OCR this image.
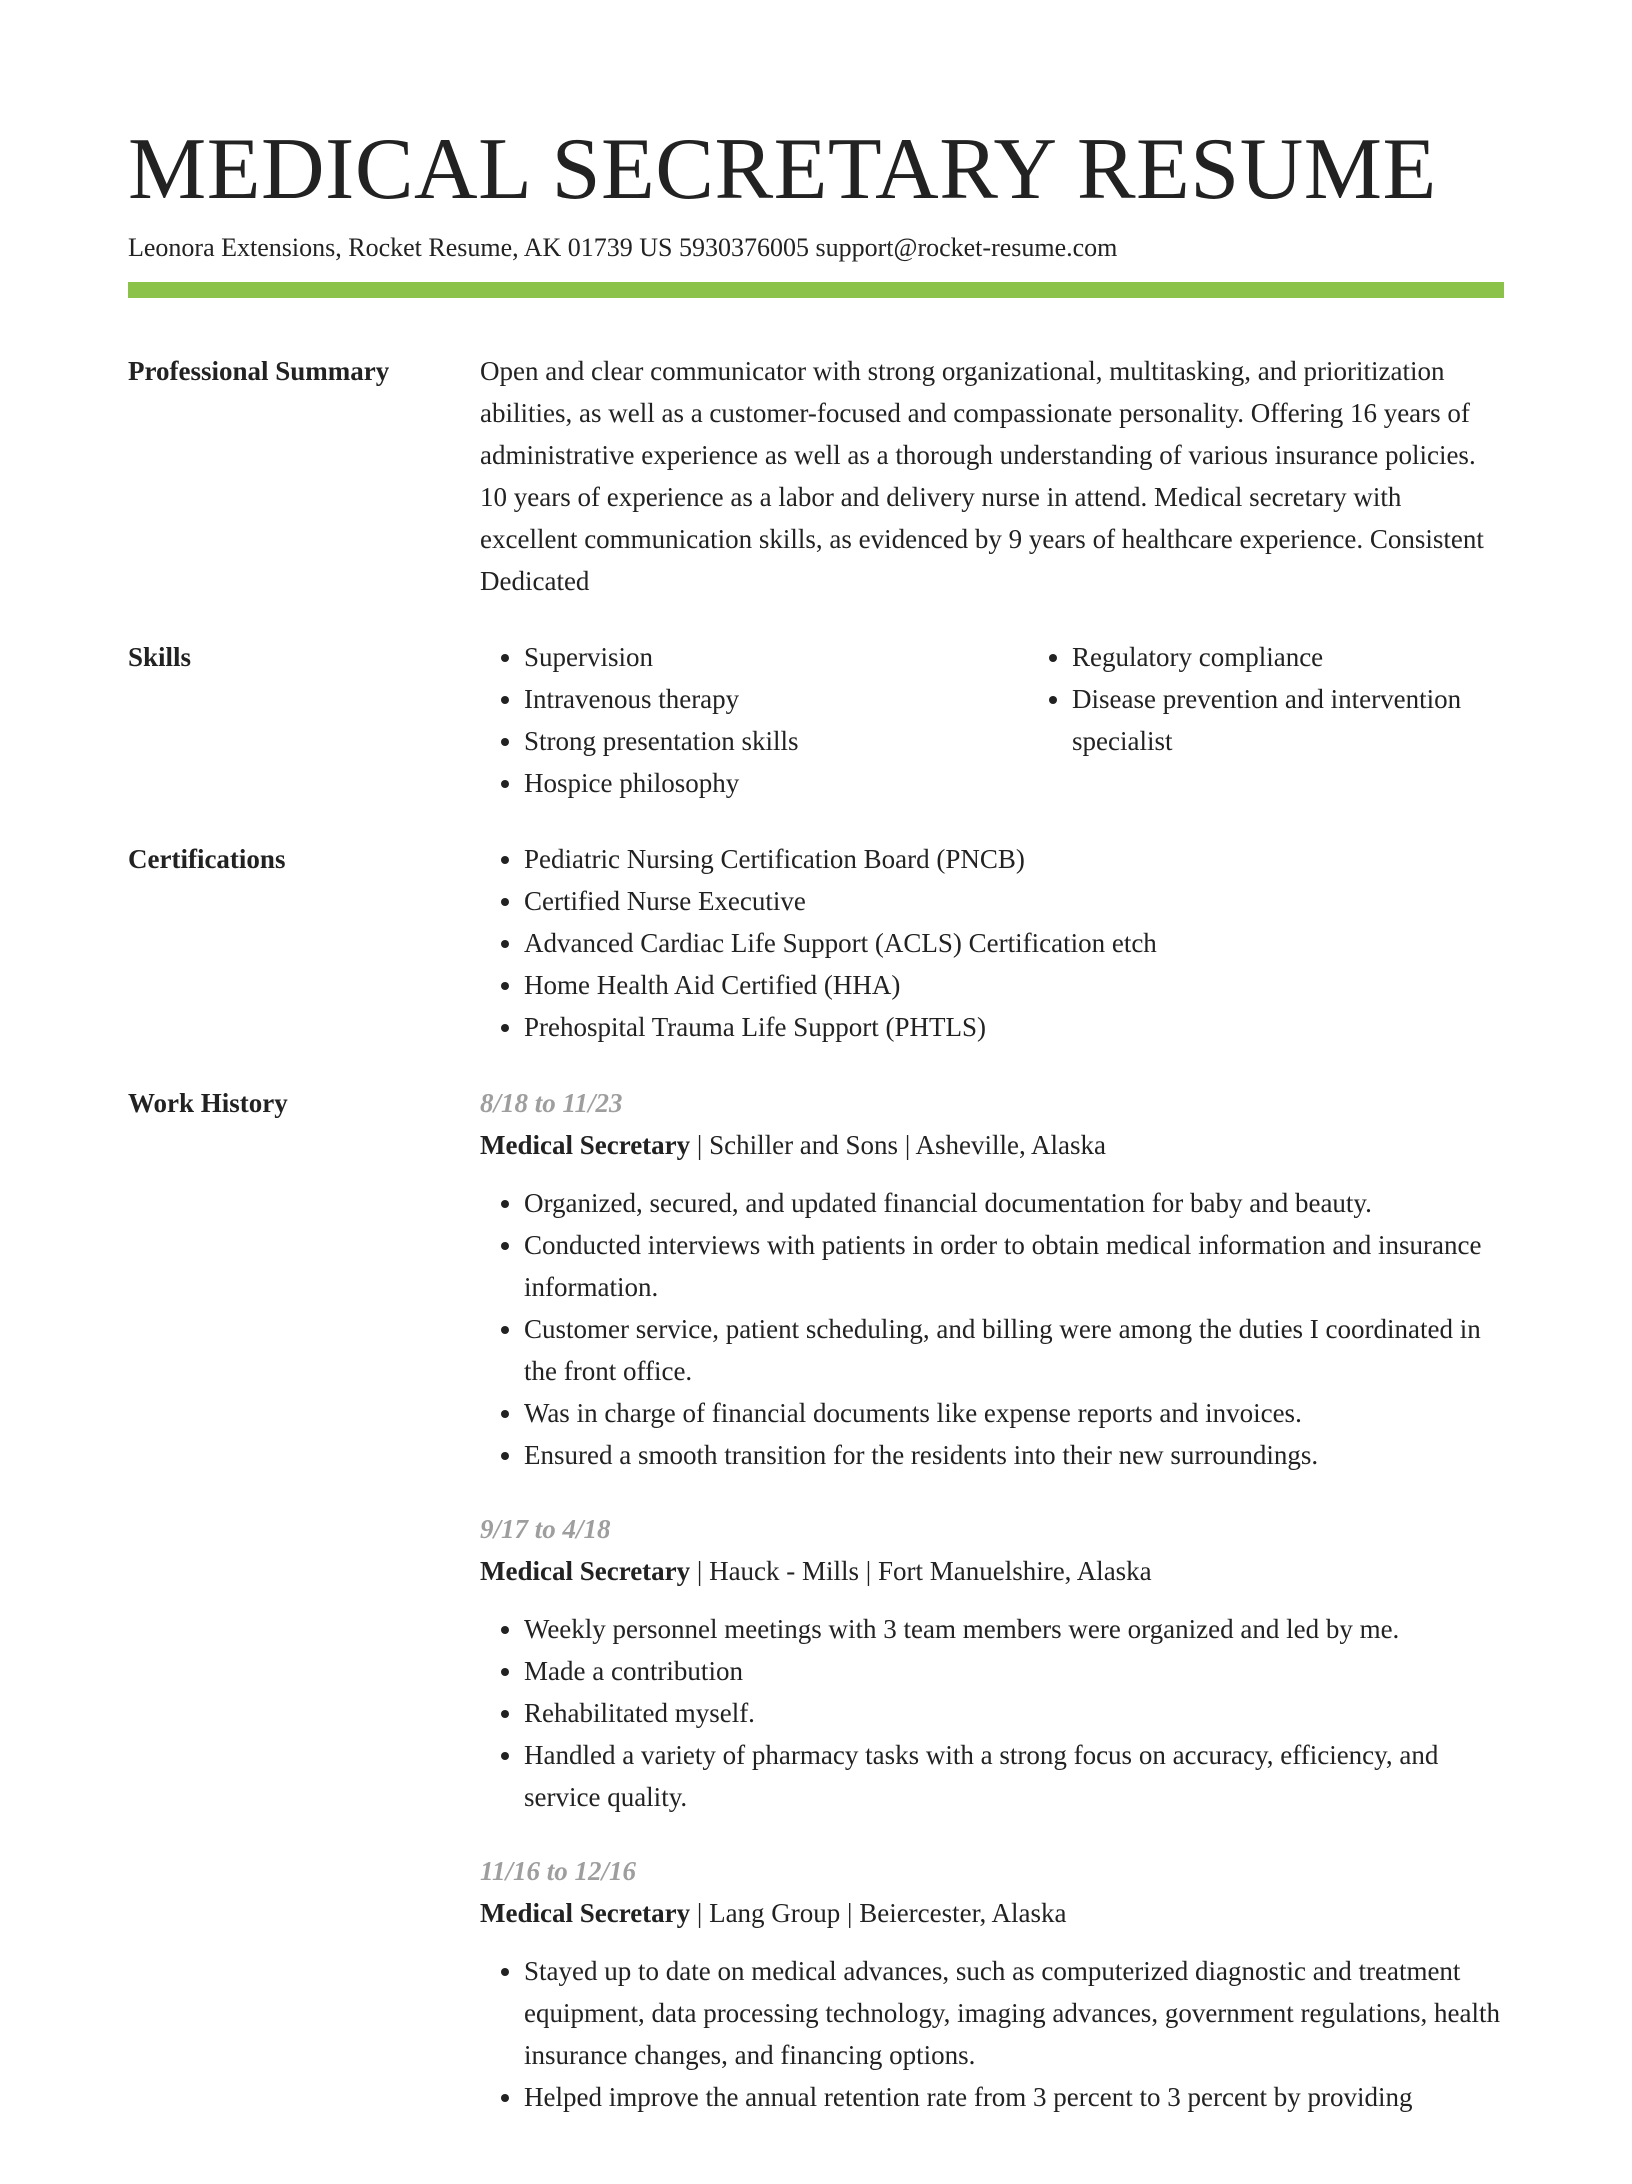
MEDICAL SECRETARY RESUME
Leonora Extensions, Rocket Resume, AK 01739 US 5930376005 support@rocket-resume.com
Professional Summary	Open and clear communicator with strong organizational, multitasking, and prioritization abilities, as well as a customer-focused and compassionate personality. Offering 16 years of administrative experience as well as a thorough understanding of various insurance policies. 10 years of experience as a labor and delivery nurse in attend. Medical secretary with excellent communication skills, as evidenced by 9 years of healthcare experience. Consistent Dedicated

Skills	• Supervision
• Intravenous therapy
• Strong presentation skills
• Hospice philosophy
• Regulatory compliance
• Disease prevention and intervention specialist
Certifications	• Pediatric Nursing Certification Board (PNCB)
• Certified Nurse Executive
• Advanced Cardiac Life Support (ACLS) Certification etch
• Home Health Aid Certified (HHA)
• Prehospital Trauma Life Support (PHTLS)
Work History	8/18 to 11/23
Medical Secretary | Schiller and Sons | Asheville, Alaska
• Organized, secured, and updated financial documentation for baby and beauty.
• Conducted interviews with patients in order to obtain medical information and insurance information.
• Customer service, patient scheduling, and billing were among the duties I coordinated in the front office.
• Was in charge of financial documents like expense reports and invoices.
• Ensured a smooth transition for the residents into their new surroundings.
9/17 to 4/18
Medical Secretary | Hauck - Mills | Fort Manuelshire, Alaska
• Weekly personnel meetings with 3 team members were organized and led by me.
• Made a contribution
• Rehabilitated myself.
• Handled a variety of pharmacy tasks with a strong focus on accuracy, efficiency, and service quality.
11/16 to 12/16
Medical Secretary | Lang Group | Beiercester, Alaska
• Stayed up to date on medical advances, such as computerized diagnostic and treatment equipment, data processing technology, imaging advances, government regulations, health insurance changes, and financing options.
• Helped improve the annual retention rate from 3 percent to 3 percent by providing
